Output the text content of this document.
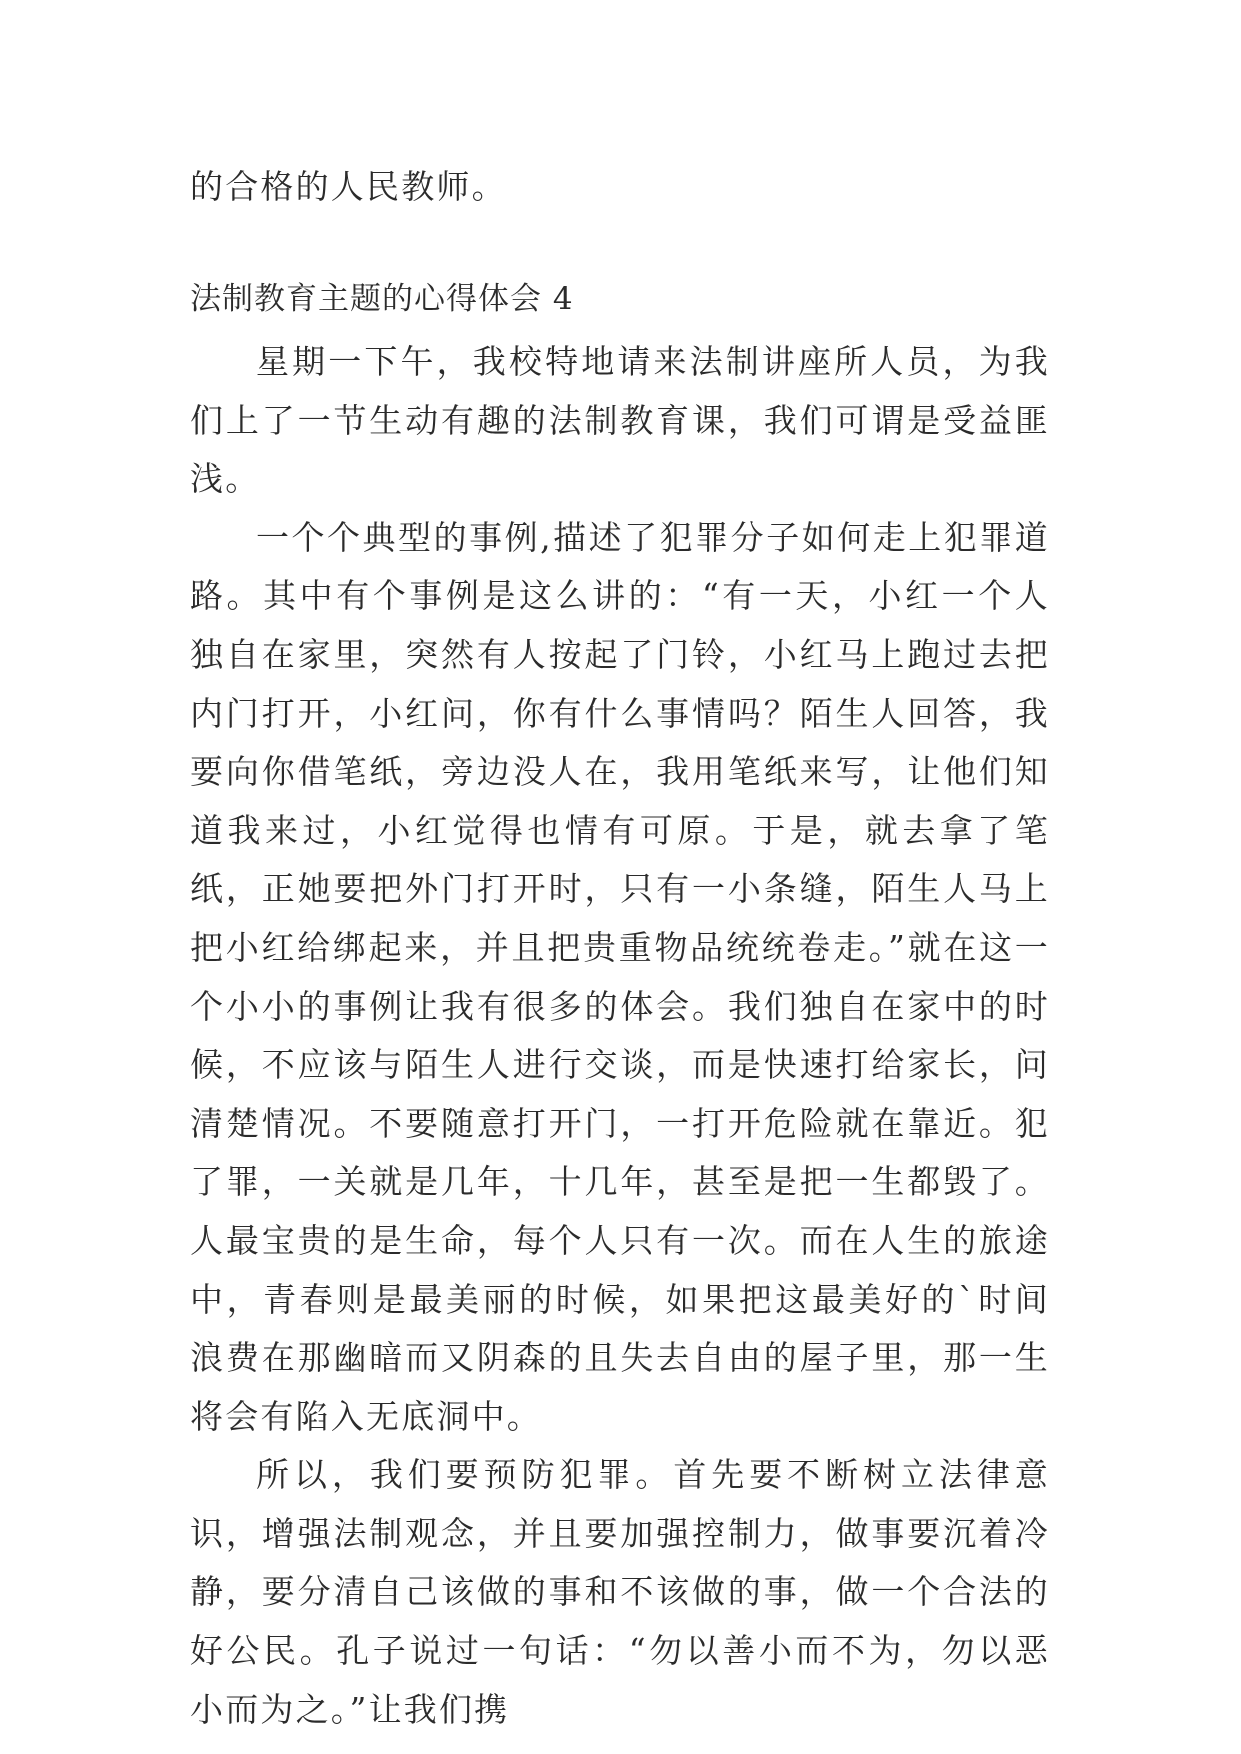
的合格的人民教师。
法制教育主题的心得体会 4

星期一下午，我校特地请来法制讲座所人员，为我们上了一节生动有趣的法制教育课，我们可谓是受益匪浅。

一个个典型的事例,描述了犯罪分子如何走上犯罪道路。其中有个事例是这么讲的：“有一天，小红一个人独自在家里，突然有人按起了门铃，小红马上跑过去把内门打开，小红问，你有什么事情吗？陌生人回答，我要向你借笔纸，旁边没人在，我用笔纸来写，让他们知道我来过，小红觉得也情有可原。于是，就去拿了笔纸，正她要把外门打开时，只有一小条缝，陌生人马上把小红给绑起来，并且把贵重物品统统卷走。”就在这一个小小的事例让我有很多的体会。我们独自在家中的时候，不应该与陌生人进行交谈，而是快速打给家长，问清楚情况。不要随意打开门，一打开危险就在靠近。犯了罪，一关就是几年，十几年，甚至是把一生都毁了。人最宝贵的是生命，每个人只有一次。而在人生的旅途中，青春则是最美丽的时候，如果把这最美好的`时间浪费在那幽暗而又阴森的且失去自由的屋子里，那一生将会有陷入无底洞中。

所以，我们要预防犯罪。首先要不断树立法律意识，增强法制观念，并且要加强控制力，做事要沉着冷静，要分清自己该做的事和不该做的事，做一个合法的好公民。孔子说过一句话：“勿以善小而不为，勿以恶小而为之。”让我们携
